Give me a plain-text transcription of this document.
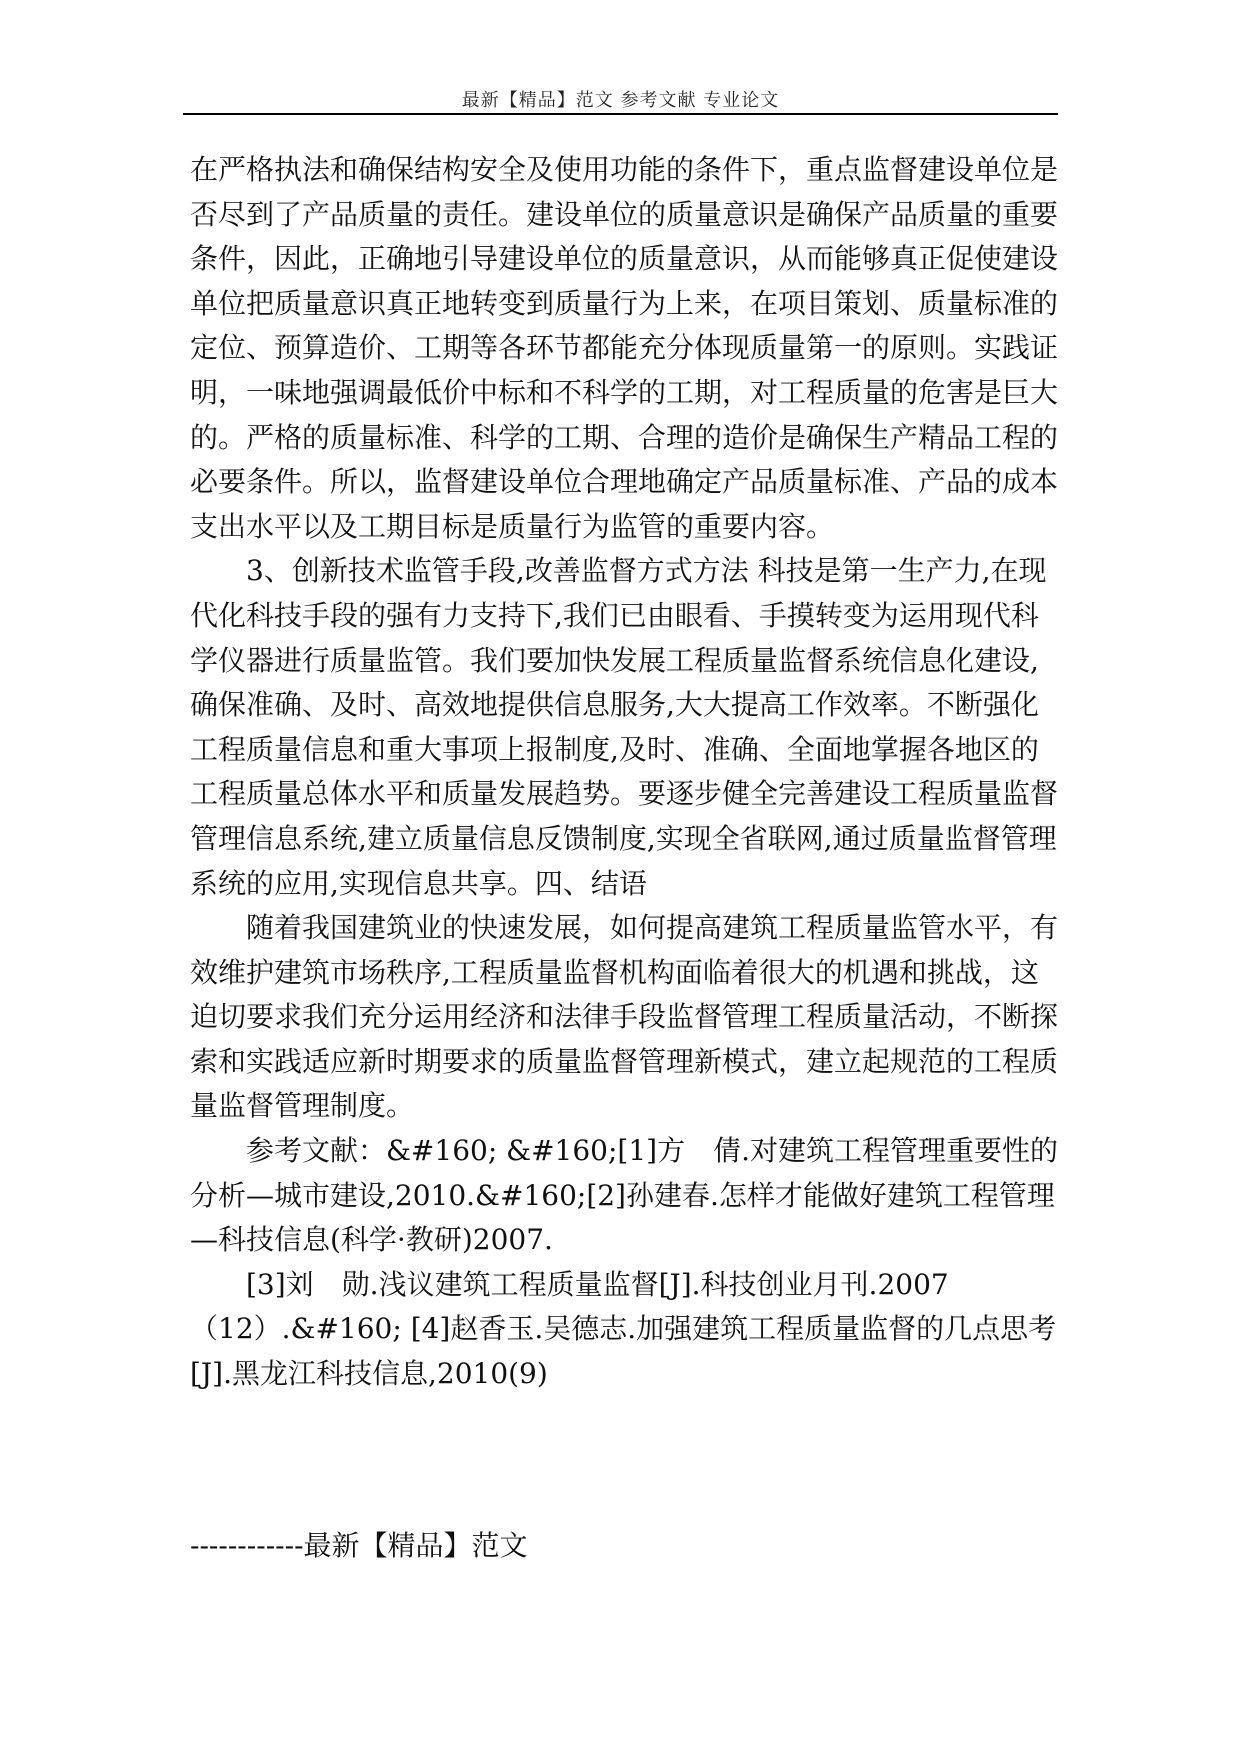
最新【精品】范文 参考文献 专业论文

在严格执法和确保结构安全及使用功能的条件下，重点监督建设单位是否尽到了产品质量的责任。建设单位的质量意识是确保产品质量的重要条件，因此，正确地引导建设单位的质量意识，从而能够真正促使建设单位把质量意识真正地转变到质量行为上来，在项目策划、质量标准的定位、预算造价、工期等各环节都能充分体现质量第一的原则。实践证明，一味地强调最低价中标和不科学的工期，对工程质量的危害是巨大的。严格的质量标准、科学的工期、合理的造价是确保生产精品工程的必要条件。所以，监督建设单位合理地确定产品质量标准、产品的成本支出水平以及工期目标是质量行为监管的重要内容。

3、创新技术监管手段,改善监督方式方法 科技是第一生产力,在现代化科技手段的强有力支持下,我们已由眼看、手摸转变为运用现代科学仪器进行质量监管。我们要加快发展工程质量监督系统信息化建设,确保准确、及时、高效地提供信息服务,大大提高工作效率。不断强化工程质量信息和重大事项上报制度,及时、准确、全面地掌握各地区的工程质量总体水平和质量发展趋势。要逐步健全完善建设工程质量监督管理信息系统,建立质量信息反馈制度,实现全省联网,通过质量监督管理系统的应用,实现信息共享。四、结语

随着我国建筑业的快速发展，如何提高建筑工程质量监管水平，有效维护建筑市场秩序,工程质量监督机构面临着很大的机遇和挑战，这迫切要求我们充分运用经济和法律手段监督管理工程质量活动，不断探索和实践适应新时期要求的质量监督管理新模式，建立起规范的工程质量监督管理制度。

参考文献：&#160; &#160;[1]方　倩.对建筑工程管理重要性的分析—城市建设,2010.&#160;[2]孙建春.怎样才能做好建筑工程管理—科技信息(科学·教研)2007.

[3]刘　勋.浅议建筑工程质量监督[J].科技创业月刊.2007（12）.&#160; [4]赵香玉.吴德志.加强建筑工程质量监督的几点思考[J].黑龙江科技信息,2010(9)

------------最新【精品】范文
